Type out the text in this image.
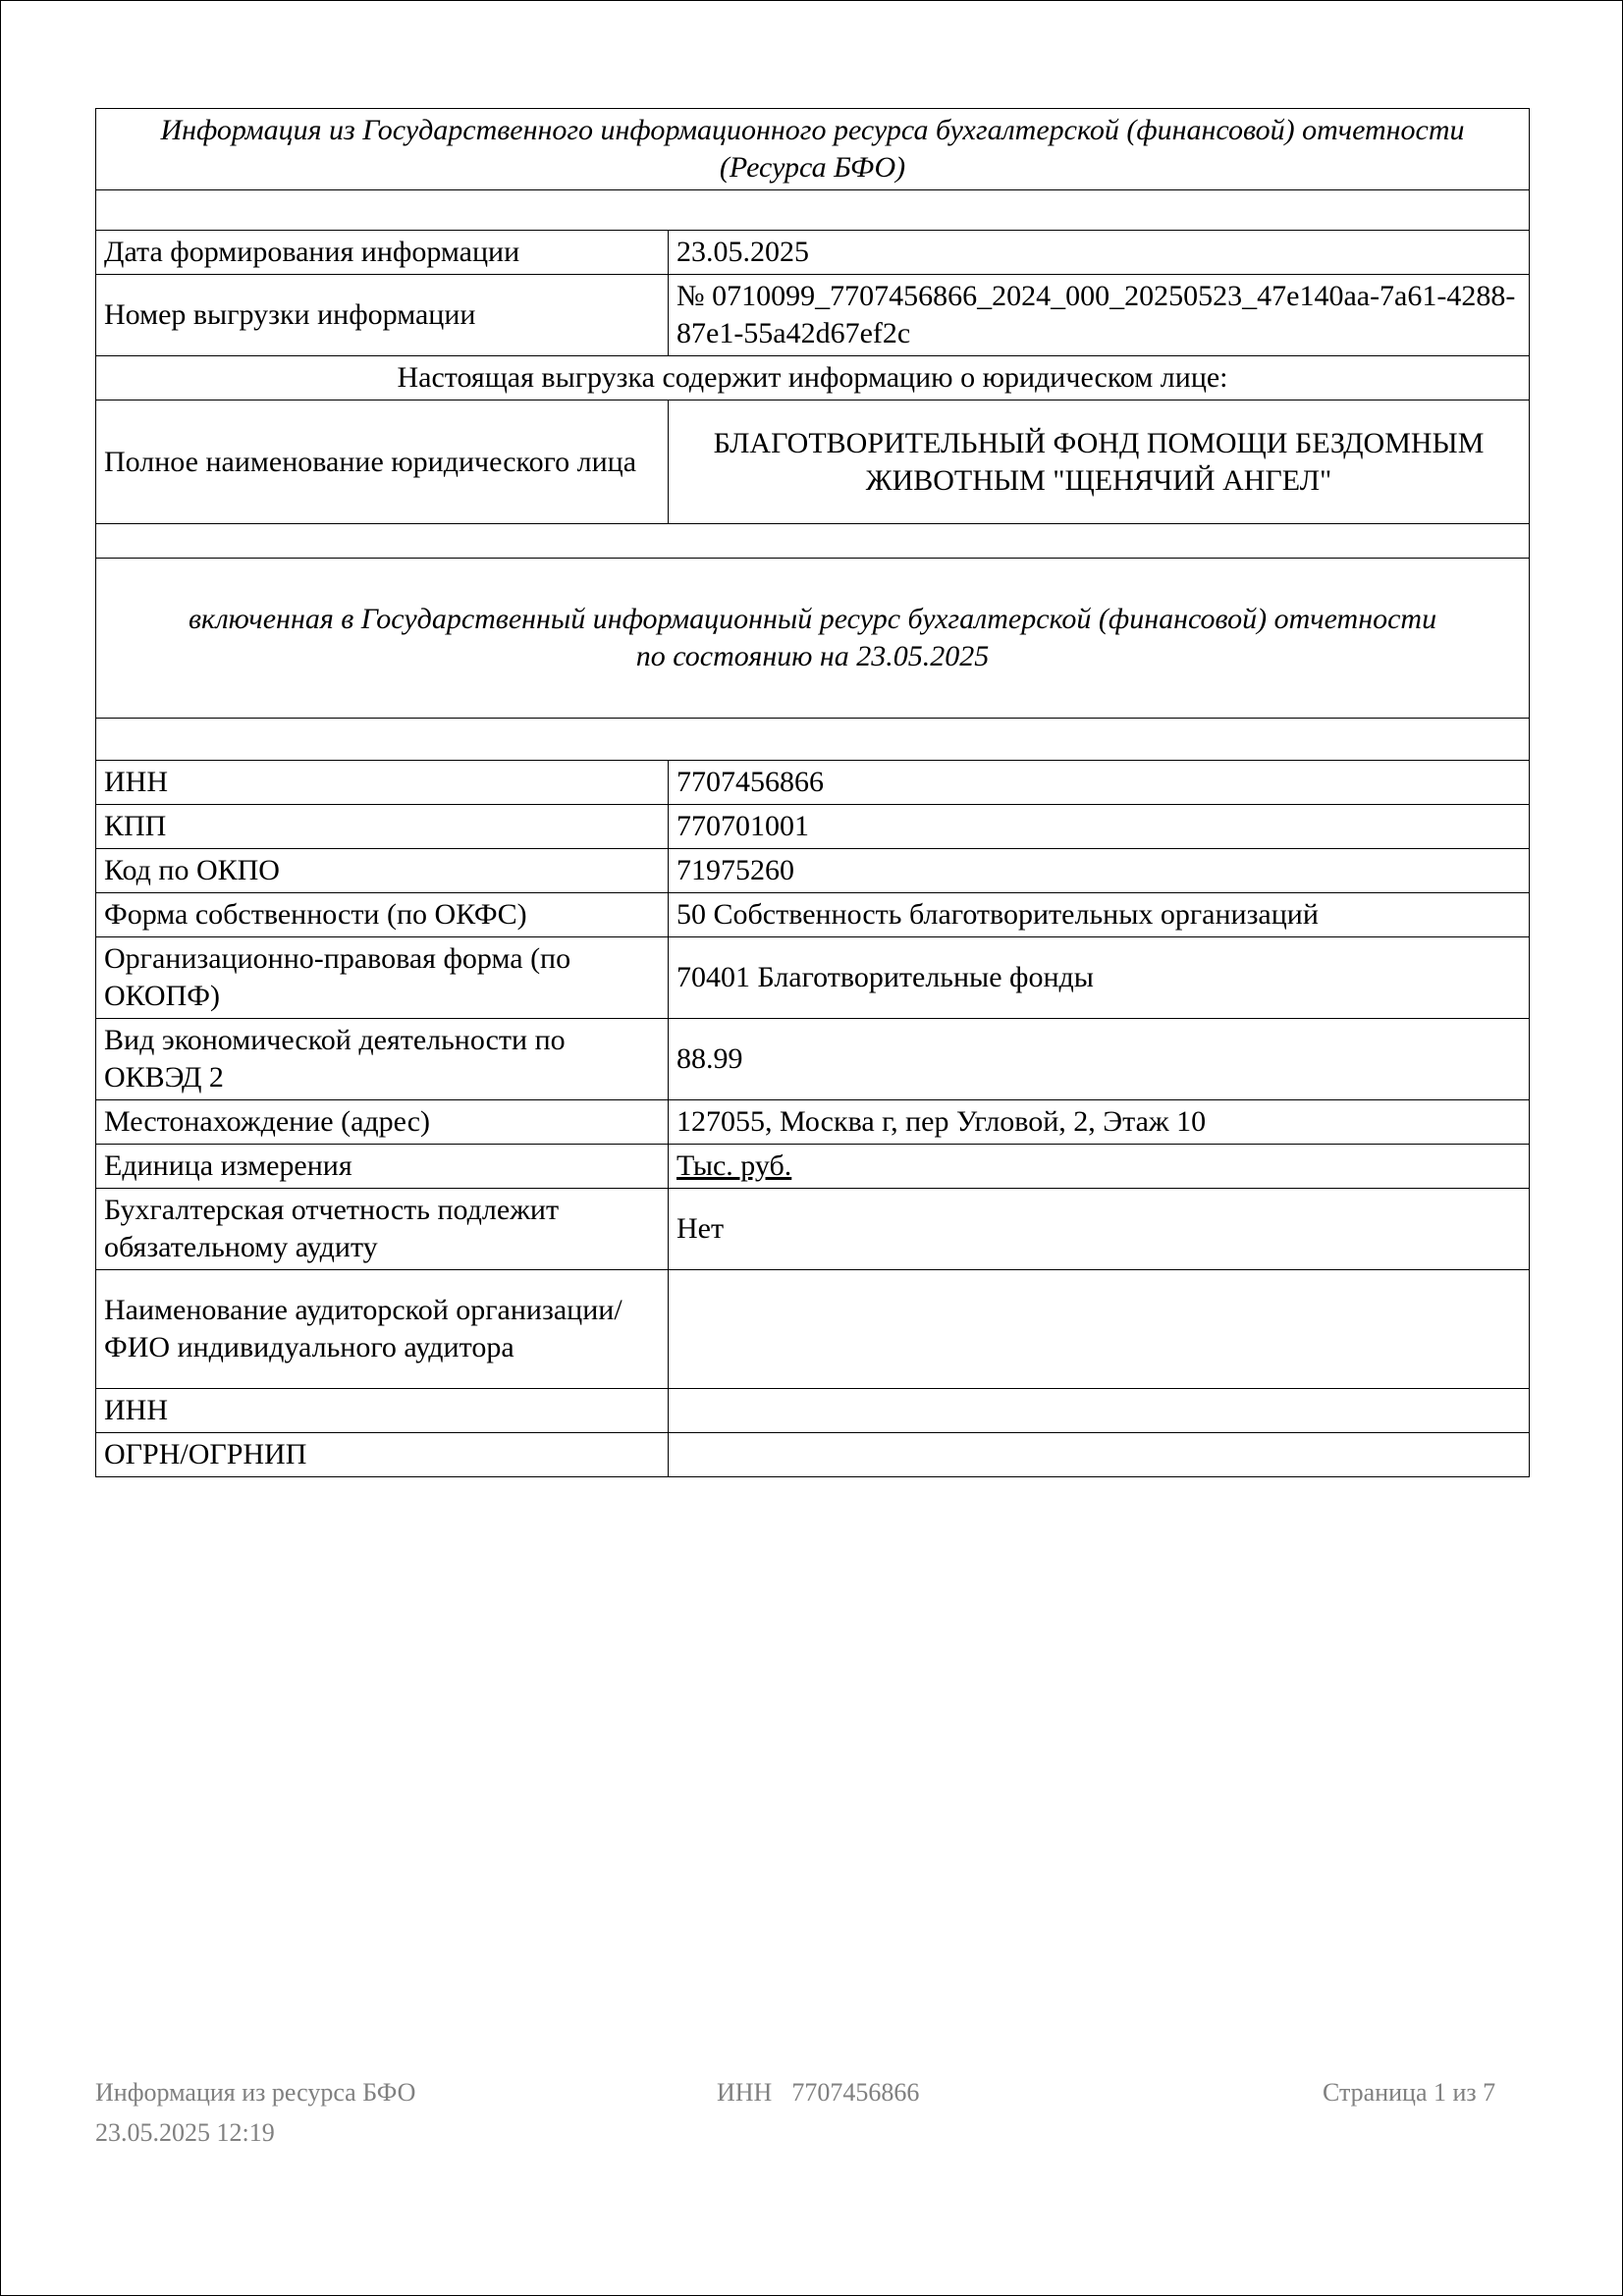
Информация из Государственного информационного ресурса бухгалтерской (финансовой) отчетности (Ресурса БФО)	

Дата формирования информации	23.05.2025
Номер выгрузки информации	№ 0710099_7707456866_2024_000_20250523_47e140aa-7a61-4288-87e1-55a42d67ef2c
Настоящая выгрузка содержит информацию о юридическом лице:	
Полное наименование юридического лица	БЛАГОТВОРИТЕЛЬНЫЙ ФОНД ПОМОЩИ БЕЗДОМНЫМ ЖИВОТНЫМ "ЩЕНЯЧИЙ АНГЕЛ"

включенная в Государственный информационный ресурс бухгалтерской (финансовой) отчетности по состоянию на 23.05.2025	

ИНН	7707456866
КПП	770701001
Код по ОКПО	71975260
Форма собственности (по ОКФС)	50 Собственность благотворительных организаций
Организационно-правовая форма (по ОКОПФ)	70401 Благотворительные фонды
Вид экономической деятельности по ОКВЭД 2	88.99
Местонахождение (адрес)	127055, Москва г, пер Угловой, 2, Этаж 10
Единица измерения	Тыс. руб.
Бухгалтерская отчетность подлежит обязательному аудиту	Нет
Наименование аудиторской организации/ФИО индивидуального аудитора	
ИНН	
ОГРН/ОГРНИП	
Информация из ресурса БФО
23.05.2025 12:19
ИНН 7707456866	Страница 1 из 7
